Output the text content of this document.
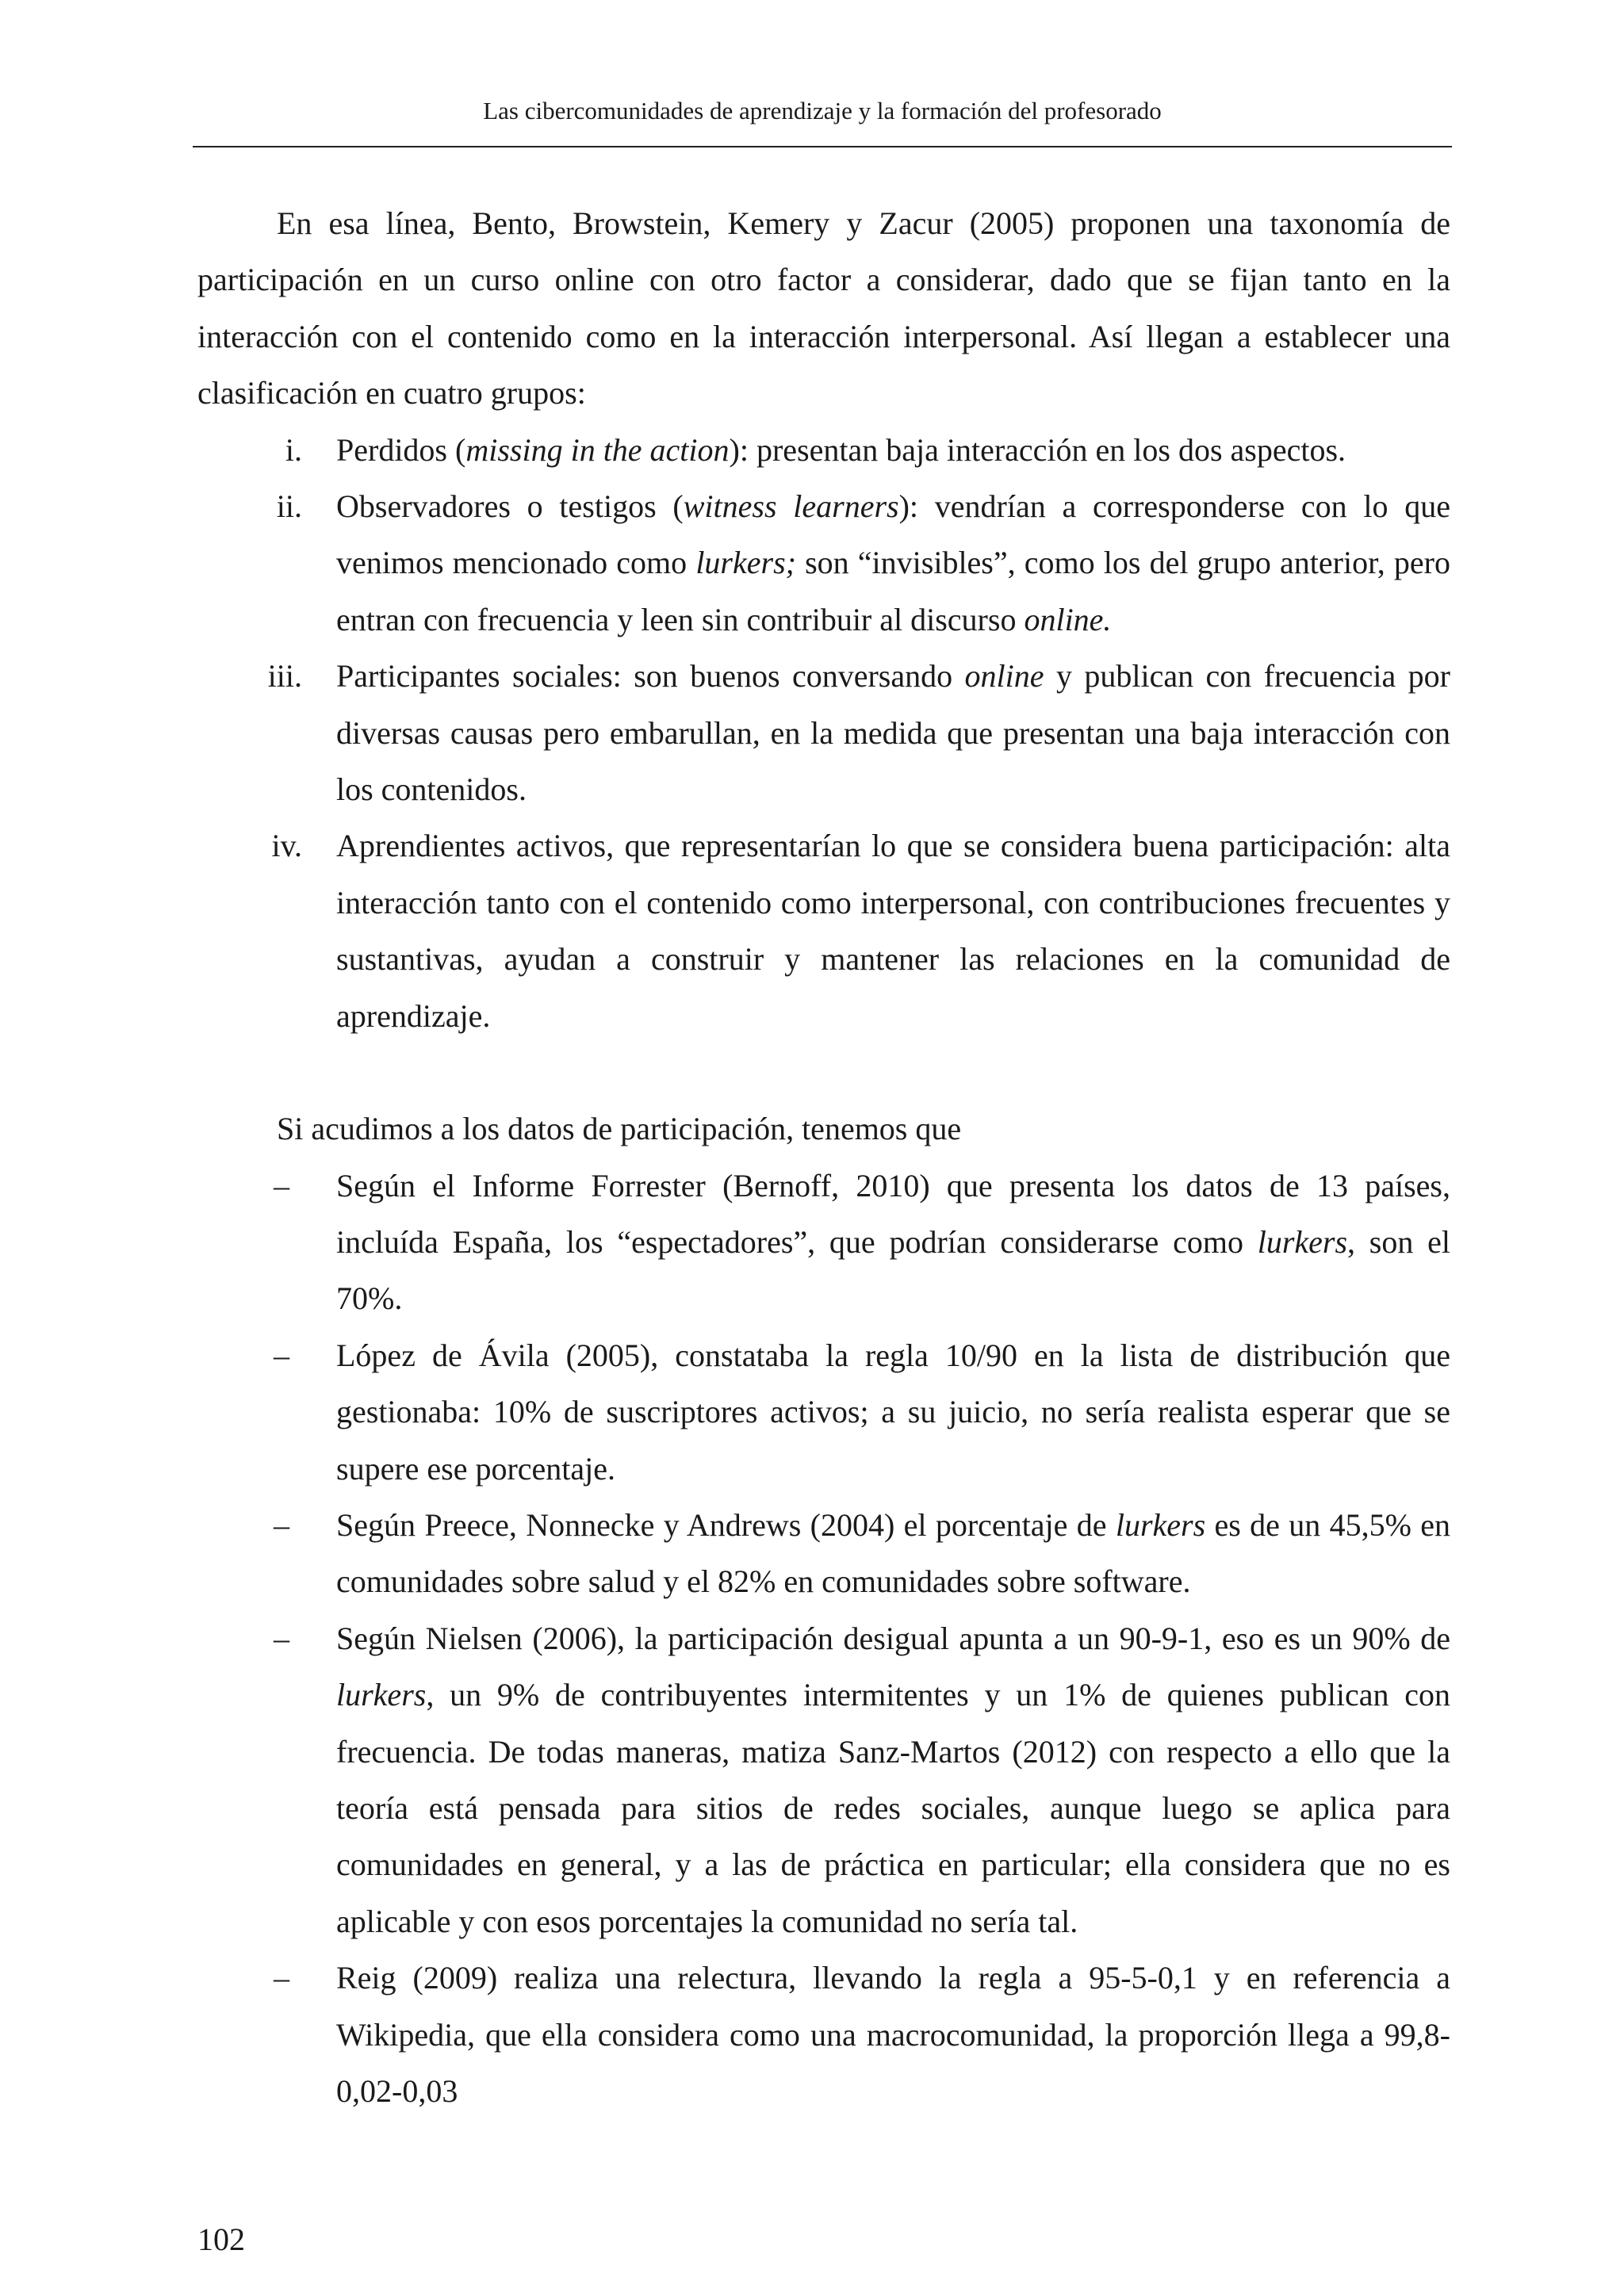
Las cibercomunidades de aprendizaje y la formación del profesorado

En esa línea, Bento, Browstein, Kemery y Zacur (2005) proponen una taxonomía de participación en un curso online con otro factor a considerar, dado que se fijan tanto en la interacción con el contenido como en la interacción interpersonal. Así llegan a establecer una clasificación en cuatro grupos:

i. Perdidos (missing in the action): presentan baja interacción en los dos aspectos.
ii. Observadores o testigos (witness learners): vendrían a corresponderse con lo que venimos mencionado como lurkers; son “invisibles”, como los del grupo anterior, pero entran con frecuencia y leen sin contribuir al discurso online.
iii. Participantes sociales: son buenos conversando online y publican con frecuencia por diversas causas pero embarullan, en la medida que presentan una baja interacción con los contenidos.
iv. Aprendientes activos, que representarían lo que se considera buena participación: alta interacción tanto con el contenido como interpersonal, con contribuciones frecuentes y sustantivas, ayudan a construir y mantener las relaciones en la comunidad de aprendizaje.

Si acudimos a los datos de participación, tenemos que

– Según el Informe Forrester (Bernoff, 2010) que presenta los datos de 13 países, incluída España, los “espectadores”, que podrían considerarse como lurkers, son el 70%.
– López de Ávila (2005), constataba la regla 10/90 en la lista de distribución que gestionaba: 10% de suscriptores activos; a su juicio, no sería realista esperar que se supere ese porcentaje.
– Según Preece, Nonnecke y Andrews (2004) el porcentaje de lurkers es de un 45,5% en comunidades sobre salud y el 82% en comunidades sobre software.
– Según Nielsen (2006), la participación desigual apunta a un 90-9-1, eso es un 90% de lurkers, un 9% de contribuyentes intermitentes y un 1% de quienes publican con frecuencia. De todas maneras, matiza Sanz-Martos (2012) con respecto a ello que la teoría está pensada para sitios de redes sociales, aunque luego se aplica para comunidades en general, y a las de práctica en particular; ella considera que no es aplicable y con esos porcentajes la comunidad no sería tal.
– Reig (2009) realiza una relectura, llevando la regla a 95-5-0,1 y en referencia a Wikipedia, que ella considera como una macrocomunidad, la proporción llega a 99,8-0,02-0,03
102
